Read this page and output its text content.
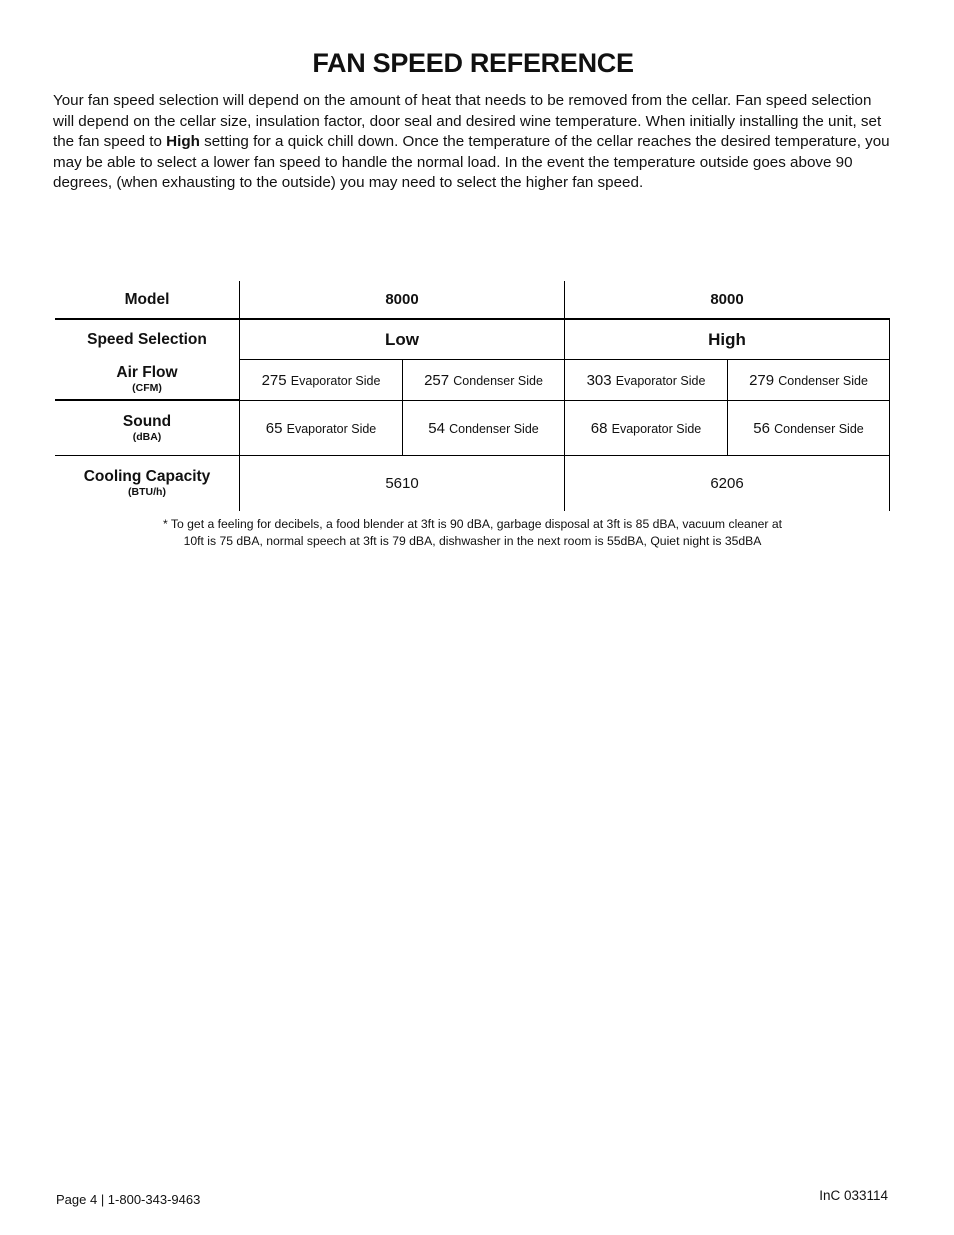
FAN SPEED REFERENCE

Your fan speed selection will depend on the amount of heat that needs to be removed from the cellar. Fan speed selection will depend on the cellar size, insulation factor, door seal and desired wine temperature. When initially installing the unit, set the fan speed to High setting for a quick chill down. Once the temperature of the cellar reaches the desired temperature, you may be able to select a lower fan speed to handle the normal load. In the event the temperature outside goes above 90 degrees, (when exhausting to the outside) you may need to select the higher fan speed.

Model	8000	8000
Speed Selection	Low	High
Air Flow
(CFM)	275 Evaporator Side	257 Condenser Side	303 Evaporator Side	279 Condenser Side
Sound
(dBA)	65 Evaporator Side	54 Condenser Side	68 Evaporator Side	56 Condenser Side
Cooling Capacity
(BTU/h)	5610	6206
* To get a feeling for decibels, a food blender at 3ft is 90 dBA, garbage disposal at 3ft is 85 dBA, vacuum cleaner at
10ft is 75 dBA, normal speech at 3ft is 79 dBA, dishwasher in the next room is 55dBA, Quiet night is 35dBA
Page 4 | 1-800-343-9463	InC 033114
